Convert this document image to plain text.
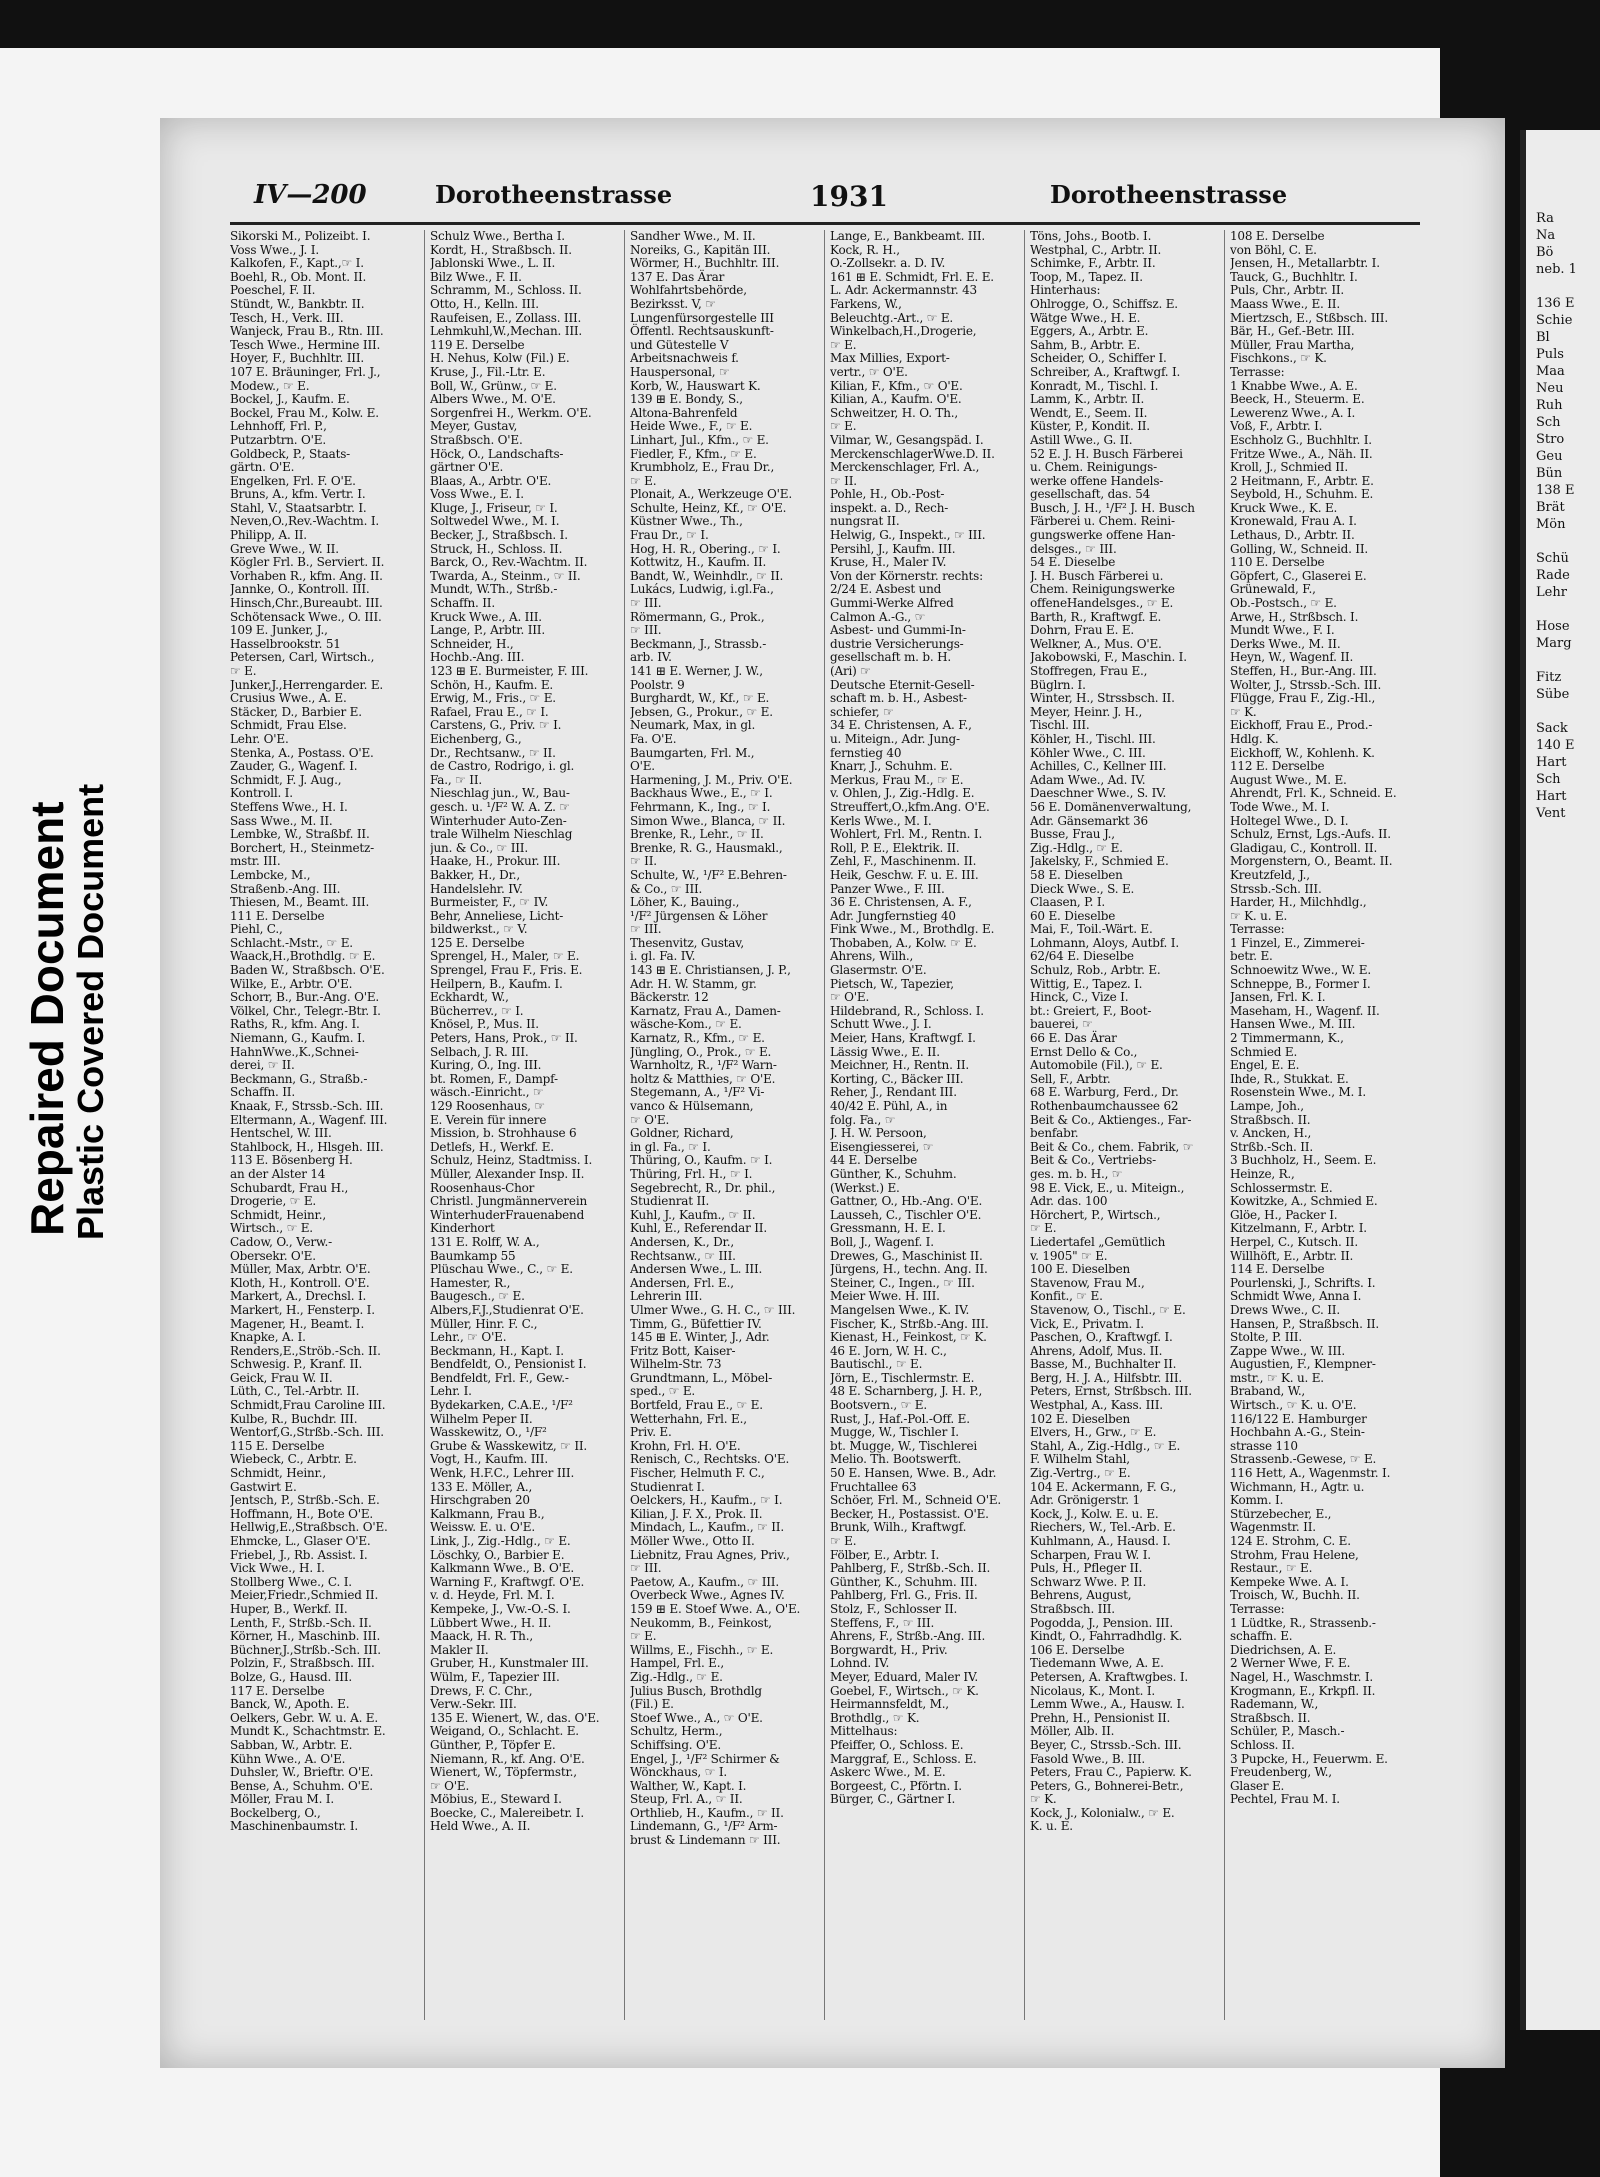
Repaired Document
Plastic Covered Document
Ra
Na
Bö
neb. 1

136 E
Schie
Bl
Puls
Maa
Neu
Ruh
Sch
Stro
Geu
Bün
138 E
Brät
Mön

Schü
Rade
Lehr

Hose
Marg

Fitz
Sübe

Sack
140 E
Hart
Sch
Hart
Vent
IV—200	Dorotheenstrasse	1931	Dorotheenstrasse
Sikorski M., Polizeibt. I.
Voss Wwe., J. I.
Kalkofen, F., Kapt.,☞ I.
Boehl, R., Ob. Mont. II.
Poeschel, F. II.
Stündt, W., Bankbtr. II.
Tesch, H., Verk. III.
Wanjeck, Frau B., Rtn. III.
Tesch Wwe., Hermine III.
Hoyer, F., Buchhltr. III.
107 E. Bräuninger, Frl. J.,
Modew., ☞ E.
Bockel, J., Kaufm. E.
Bockel, Frau M., Kolw. E.
Lehnhoff, Frl. P.,
Putzarbtrn. O'E.
Goldbeck, P., Staats-
gärtn. O'E.
Engelken, Frl. F. O'E.
Bruns, A., kfm. Vertr. I.
Stahl, V., Staatsarbtr. I.
Neven,O.,Rev.-Wachtm. I.
Philipp, A. II.
Greve Wwe., W. II.
Kögler Frl. B., Serviert. II.
Vorhaben R., kfm. Ang. II.
Jannke, O., Kontroll. III.
Hinsch,Chr.,Bureaubt. III.
Schötensack Wwe., O. III.
109 E. Junker, J.,
Hasselbrookstr. 51
Petersen, Carl, Wirtsch.,
☞ E.
Junker,J.,Herrengarder. E.
Crusius Wwe., A. E.
Stäcker, D., Barbier E.
Schmidt, Frau Else.
Lehr. O'E.
Stenka, A., Postass. O'E.
Zauder, G., Wagenf. I.
Schmidt, F. J. Aug.,
Kontroll. I.
Steffens Wwe., H. I.
Sass Wwe., M. II.
Lembke, W., Straßbf. II.
Borchert, H., Steinmetz-
mstr. III.
Lembcke, M.,
Straßenb.-Ang. III.
Thiesen, M., Beamt. III.
111 E. Derselbe
Piehl, C.,
Schlacht.-Mstr., ☞ E.
Waack,H.,Brothdlg. ☞ E.
Baden W., Straßbsch. O'E.
Wilke, E., Arbtr. O'E.
Schorr, B., Bur.-Ang. O'E.
Völkel, Chr., Telegr.-Btr. I.
Raths, R., kfm. Ang. I.
Niemann, G., Kaufm. I.
HahnWwe.,K.,Schnei-
derei, ☞ II.
Beckmann, G., Straßb.-
Schaffn. II.
Knaak, F., Strssb.-Sch. III.
Eltermann, A., Wagenf. III.
Hentschel, W. III.
Stahlbock, H., Hlsgeh. III.
113 E. Bösenberg H.
an der Alster 14
Schubardt, Frau H.,
Drogerie, ☞ E.
Schmidt, Heinr.,
Wirtsch., ☞ E.
Cadow, O., Verw.-
Obersekr. O'E.
Müller, Max, Arbtr. O'E.
Kloth, H., Kontroll. O'E.
Markert, A., Drechsl. I.
Markert, H., Fensterp. I.
Magener, H., Beamt. I.
Knapke, A. I.
Renders,E.,Ströb.-Sch. II.
Schwesig. P., Kranf. II.
Geick, Frau W. II.
Lüth, C., Tel.-Arbtr. II.
Schmidt,Frau Caroline III.
Kulbe, R., Buchdr. III.
Wentorf,G.,Strßb.-Sch. III.
115 E. Derselbe
Wiebeck, C., Arbtr. E.
Schmidt, Heinr.,
Gastwirt E.
Jentsch, P., Strßb.-Sch. E.
Hoffmann, H., Bote O'E.
Hellwig,E.,Straßbsch. O'E.
Ehmcke, L., Glaser O'E.
Friebel, J., Rb. Assist. I.
Vick Wwe., H. I.
Stollberg Wwe., C. I.
Meier,Friedr.,Schmied II.
Huper, B., Werkf. II.
Lenth, F., Strßb.-Sch. II.
Körner, H., Maschinb. III.
Büchner,J.,Strßb.-Sch. III.
Polzin, F., Straßbsch. III.
Bolze, G., Hausd. III.
117 E. Derselbe
Banck, W., Apoth. E.
Oelkers, Gebr. W. u. A. E.
Mundt K., Schachtmstr. E.
Sabban, W., Arbtr. E.
Kühn Wwe., A. O'E.
Duhsler, W., Brieftr. O'E.
Bense, A., Schuhm. O'E.
Möller, Frau M. I.
Bockelberg, O.,
Maschinenbaumstr. I.
Schulz Wwe., Bertha I.
Kordt, H., Straßbsch. II.
Jablonski Wwe., L. II.
Bilz Wwe., F. II.
Schramm, M., Schloss. II.
Otto, H., Kelln. III.
Raufeisen, E., Zollass. III.
Lehmkuhl,W.,Mechan. III.
119 E. Derselbe
H. Nehus, Kolw (Fil.) E.
Kruse, J., Fil.-Ltr. E.
Boll, W., Grünw., ☞ E.
Albers Wwe., M. O'E.
Sorgenfrei H., Werkm. O'E.
Meyer, Gustav,
Straßbsch. O'E.
Höck, O., Landschafts-
gärtner O'E.
Blaas, A., Arbtr. O'E.
Voss Wwe., E. I.
Kluge, J., Friseur, ☞ I.
Soltwedel Wwe., M. I.
Becker, J., Straßbsch. I.
Struck, H., Schloss. II.
Barck, O., Rev.-Wachtm. II.
Twarda, A., Steinm., ☞ II.
Mundt, W.Th., Strßb.-
Schaffn. II.
Kruck Wwe., A. III.
Lange, P., Arbtr. III.
Schneider, H.,
Hochb.-Ang. III.
123 ⊞ E. Burmeister, F. III.
Schön, H., Kaufm. E.
Erwig, M., Fris., ☞ E.
Rafael, Frau E., ☞ I.
Carstens, G., Priv. ☞ I.
Eichenberg, G.,
Dr., Rechtsanw., ☞ II.
de Castro, Rodrigo, i. gl.
Fa., ☞ II.
Nieschlag jun., W., Bau-
gesch. u. ¹/F² W. A. Z. ☞
Winterhuder Auto-Zen-
trale Wilhelm Nieschlag
jun. & Co., ☞ III.
Haake, H., Prokur. III.
Bakker, H., Dr.,
Handelslehr. IV.
Burmeister, F., ☞ IV.
Behr, Anneliese, Licht-
bildwerkst., ☞ V.
125 E. Derselbe
Sprengel, H., Maler, ☞ E.
Sprengel, Frau F., Fris. E.
Heilpern, B., Kaufm. I.
Eckhardt, W.,
Bücherrev., ☞ I.
Knösel, P., Mus. II.
Peters, Hans, Prok., ☞ II.
Selbach, J. R. III.
Kuring, O., Ing. III.
bt. Romen, F., Dampf-
wäsch.-Einricht., ☞
129 Roosenhaus, ☞
E. Verein für innere
Mission, b. Strohhause 6
Detlefs, H., Werkf. E.
Schulz, Heinz, Stadtmiss. I.
Müller, Alexander Insp. II.
Roosenhaus-Chor
Christl. Jungmännerverein
WinterhuderFrauenabend
Kinderhort
131 E. Rolff, W. A.,
Baumkamp 55
Plüschau Wwe., C., ☞ E.
Hamester, R.,
Baugesch., ☞ E.
Albers,F.J.,Studienrat O'E.
Müller, Hinr. F. C.,
Lehr., ☞ O'E.
Beckmann, H., Kapt. I.
Bendfeldt, O., Pensionist I.
Bendfeldt, Frl. F., Gew.-
Lehr. I.
Bydekarken, C.A.E., ¹/F²
Wilhelm Peper II.
Wasskewitz, O., ¹/F²
Grube & Wasskewitz, ☞ II.
Vogt, H., Kaufm. III.
Wenk, H.F.C., Lehrer III.
133 E. Möller, A.,
Hirschgraben 20
Kalkmann, Frau B.,
Weissw. E. u. O'E.
Link, J., Zig.-Hdlg., ☞ E.
Löschky, O., Barbier E.
Kalkmann Wwe., B. O'E.
Warning F., Kraftwgf. O'E.
v. d. Heyde, Frl. M. I.
Kempeke, J., Vw.-O.-S. I.
Lübbert Wwe., H. II.
Maack, H. R. Th.,
Makler II.
Gruber, H., Kunstmaler III.
Wülm, F., Tapezier III.
Drews, F. C. Chr.,
Verw.-Sekr. III.
135 E. Wienert, W., das. O'E.
Weigand, O., Schlacht. E.
Günther, P., Töpfer E.
Niemann, R., kf. Ang. O'E.
Wienert, W., Töpfermstr.,
☞ O'E.
Möbius, E., Steward I.
Boecke, C., Malereibetr. I.
Held Wwe., A. II.
Sandher Wwe., M. II.
Noreiks, G., Kapitän III.
Wörmer, H., Buchhltr. III.
137 E. Das Ärar
Wohlfahrtsbehörde,
Bezirksst. V, ☞
Lungenfürsorgestelle III
Öffentl. Rechtsauskunft-
und Gütestelle V
Arbeitsnachweis f.
Hauspersonal, ☞
Korb, W., Hauswart K.
139 ⊞ E. Bondy, S.,
Altona-Bahrenfeld
Heide Wwe., F., ☞ E.
Linhart, Jul., Kfm., ☞ E.
Fiedler, F., Kfm., ☞ E.
Krumbholz, E., Frau Dr.,
☞ E.
Plonait, A., Werkzeuge O'E.
Schulte, Heinz, Kf., ☞ O'E.
Küstner Wwe., Th.,
Frau Dr., ☞ I.
Hog, H. R., Obering., ☞ I.
Kottwitz, H., Kaufm. II.
Bandt, W., Weinhdlr., ☞ II.
Lukács, Ludwig, i.gl.Fa.,
☞ III.
Römermann, G., Prok.,
☞ III.
Beckmann, J., Strassb.-
arb. IV.
141 ⊞ E. Werner, J. W.,
Poolstr. 9
Burghardt, W., Kf., ☞ E.
Jebsen, G., Prokur., ☞ E.
Neumark, Max, in gl.
Fa. O'E.
Baumgarten, Frl. M.,
O'E.
Harmening, J. M., Priv. O'E.
Backhaus Wwe., E., ☞ I.
Fehrmann, K., Ing., ☞ I.
Simon Wwe., Blanca, ☞ II.
Brenke, R., Lehr., ☞ II.
Brenke, R. G., Hausmakl.,
☞ II.
Schulte, W., ¹/F² E.Behren-
& Co., ☞ III.
Löher, K., Bauing.,
¹/F² Jürgensen & Löher
☞ III.
Thesenvitz, Gustav,
i. gl. Fa. IV.
143 ⊞ E. Christiansen, J. P.,
Adr. H. W. Stamm, gr.
Bäckerstr. 12
Karnatz, Frau A., Damen-
wäsche-Kom., ☞ E.
Karnatz, R., Kfm., ☞ E.
Jüngling, O., Prok., ☞ E.
Warnholtz, R., ¹/F² Warn-
holtz & Matthies, ☞ O'E.
Stegemann, A., ¹/F² Vi-
vanco & Hülsemann,
☞ O'E.
Goldner, Richard,
in gl. Fa., ☞ I.
Thüring, O., Kaufm. ☞ I.
Thüring, Frl. H., ☞ I.
Segebrecht, R., Dr. phil.,
Studienrat II.
Kuhl, J., Kaufm., ☞ II.
Kuhl, E., Referendar II.
Andersen, K., Dr.,
Rechtsanw., ☞ III.
Andersen Wwe., L. III.
Andersen, Frl. E.,
Lehrerin III.
Ulmer Wwe., G. H. C., ☞ III.
Timm, G., Büfettier IV.
145 ⊞ E. Winter, J., Adr.
Fritz Bott, Kaiser-
Wilhelm-Str. 73
Grundtmann, L., Möbel-
sped., ☞ E.
Bortfeld, Frau E., ☞ E.
Wetterhahn, Frl. E.,
Priv. E.
Krohn, Frl. H. O'E.
Renisch, C., Rechtsks. O'E.
Fischer, Helmuth F. C.,
Studienrat I.
Oelckers, H., Kaufm., ☞ I.
Kilian, J. F. X., Prok. II.
Mindach, L., Kaufm., ☞ II.
Möller Wwe., Otto II.
Liebnitz, Frau Agnes, Priv.,
☞ III.
Paetow, A., Kaufm., ☞ III.
Overbeck Wwe., Agnes IV.
159 ⊞ E. Stoef Wwe. A., O'E.
Neukomm, B., Feinkost,
☞ E.
Willms, E., Fischh., ☞ E.
Hampel, Frl. E.,
Zig.-Hdlg., ☞ E.
Julius Busch, Brothdlg
(Fil.) E.
Stoef Wwe., A., ☞ O'E.
Schultz, Herm.,
Schiffsing. O'E.
Engel, J., ¹/F² Schirmer &
Wönckhaus, ☞ I.
Walther, W., Kapt. I.
Steup, Frl. A., ☞ II.
Orthlieb, H., Kaufm., ☞ II.
Lindemann, G., ¹/F² Arm-
brust & Lindemann ☞ III.
Lange, E., Bankbeamt. III.
Kock, R. H.,
O.-Zollsekr. a. D. IV.
161 ⊞ E. Schmidt, Frl. E. E.
L. Adr. Ackermannstr. 43
Farkens, W.,
Beleuchtg.-Art., ☞ E.
Winkelbach,H.,Drogerie,
☞ E.
Max Millies, Export-
vertr., ☞ O'E.
Kilian, F., Kfm., ☞ O'E.
Kilian, A., Kaufm. O'E.
Schweitzer, H. O. Th.,
☞ E.
Vilmar, W., Gesangspäd. I.
MerckenschlagerWwe.D. II.
Merckenschlager, Frl. A.,
☞ II.
Pohle, H., Ob.-Post-
inspekt. a. D., Rech-
nungsrat II.
Helwig, G., Inspekt., ☞ III.
Persihl, J., Kaufm. III.
Kruse, H., Maler IV.
Von der Körnerstr. rechts:
2/24 E. Asbest und
Gummi-Werke Alfred
Calmon A.-G., ☞
Asbest- und Gummi-In-
dustrie Versicherungs-
gesellschaft m. b. H.
(Ari) ☞
Deutsche Eternit-Gesell-
schaft m. b. H., Asbest-
schiefer, ☞
34 E. Christensen, A. F.,
u. Miteign., Adr. Jung-
fernstieg 40
Knarr, J., Schuhm. E.
Merkus, Frau M., ☞ E.
v. Ohlen, J., Zig.-Hdlg. E.
Streuffert,O.,kfm.Ang. O'E.
Kerls Wwe., M. I.
Wohlert, Frl. M., Rentn. I.
Roll, P. E., Elektrik. II.
Zehl, F., Maschinenm. II.
Heik, Geschw. F. u. E. III.
Panzer Wwe., F. III.
36 E. Christensen, A. F.,
Adr. Jungfernstieg 40
Fink Wwe., M., Brothdlg. E.
Thobaben, A., Kolw. ☞ E.
Ahrens, Wilh.,
Glasermstr. O'E.
Pietsch, W., Tapezier,
☞ O'E.
Hildebrand, R., Schloss. I.
Schutt Wwe., J. I.
Meier, Hans, Kraftwgf. I.
Lässig Wwe., E. II.
Meichner, H., Rentn. II.
Korting, C., Bäcker III.
Reher, J., Rendant III.
40/42 E. Pühl, A., in
folg. Fa., ☞
J. H. W. Persoon,
Eisengiesserei, ☞
44 E. Derselbe
Günther, K., Schuhm.
(Werkst.) E.
Gattner, O., Hb.-Ang. O'E.
Lausseh, C., Tischler O'E.
Gressmann, H. E. I.
Boll, J., Wagenf. I.
Drewes, G., Maschinist II.
Jürgens, H., techn. Ang. II.
Steiner, C., Ingen., ☞ III.
Meier Wwe. H. III.
Mangelsen Wwe., K. IV.
Fischer, K., Strßb.-Ang. III.
Kienast, H., Feinkost, ☞ K.
46 E. Jorn, W. H. C.,
Bautischl., ☞ E.
Jörn, E., Tischlermstr. E.
48 E. Scharnberg, J. H. P.,
Bootsvern., ☞ E.
Rust, J., Haf.-Pol.-Off. E.
Mugge, W., Tischler I.
bt. Mugge, W., Tischlerei
Melio. Th. Bootswerft.
50 E. Hansen, Wwe. B., Adr.
Fruchtallee 63
Schöer, Frl. M., Schneid O'E.
Becker, H., Postassist. O'E.
Brunk, Wilh., Kraftwgf.
☞ E.
Fölber, E., Arbtr. I.
Pahlberg, F., Strßb.-Sch. II.
Günther, K., Schuhm. III.
Pahlberg, Frl. G., Fris. II.
Stolz, F., Schlosser II.
Steffens, F., ☞ III.
Ahrens, F., Strßb.-Ang. III.
Borgwardt, H., Priv.
Lohnd. IV.
Meyer, Eduard, Maler IV.
Goebel, F., Wirtsch., ☞ K.
Heirmannsfeldt, M.,
Brothdlg., ☞ K.
Mittelhaus:
Pfeiffer, O., Schloss. E.
Marggraf, E., Schloss. E.
Askerc Wwe., M. E.
Borgeest, C., Pförtn. I.
Bürger, C., Gärtner I.
Töns, Johs., Bootb. I.
Westphal, C., Arbtr. II.
Schimke, F., Arbtr. II.
Toop, M., Tapez. II.
Hinterhaus:
Ohlrogge, O., Schiffsz. E.
Wätge Wwe., H. E.
Eggers, A., Arbtr. E.
Sahm, B., Arbtr. E.
Scheider, O., Schiffer I.
Schreiber, A., Kraftwgf. I.
Konradt, M., Tischl. I.
Lamm, K., Arbtr. II.
Wendt, E., Seem. II.
Küster, P., Kondit. II.
Astill Wwe., G. II.
52 E. J. H. Busch Färberei
u. Chem. Reinigungs-
werke offene Handels-
gesellschaft, das. 54
Busch, J. H., ¹/F² J. H. Busch
Färberei u. Chem. Reini-
gungswerke offene Han-
delsges., ☞ III.
54 E. Dieselbe
J. H. Busch Färberei u.
Chem. Reinigungswerke
offeneHandelsges., ☞ E.
Barth, R., Kraftwgf. E.
Dohrn, Frau E. E.
Welkner, A., Mus. O'E.
Jakobowski, F., Maschin. I.
Stoffregen, Frau E.,
Büglrn. I.
Winter, H., Strssbsch. II.
Meyer, Heinr. J. H.,
Tischl. III.
Köhler, H., Tischl. III.
Köhler Wwe., C. III.
Achilles, C., Kellner III.
Adam Wwe., Ad. IV.
Daeschner Wwe., S. IV.
56 E. Domänenverwaltung,
Adr. Gänsemarkt 36
Busse, Frau J.,
Zig.-Hdlg., ☞ E.
Jakelsky, F., Schmied E.
58 E. Dieselben
Dieck Wwe., S. E.
Claasen, P. I.
60 E. Dieselbe
Mai, F., Toil.-Wärt. E.
Lohmann, Aloys, Autbf. I.
62/64 E. Dieselbe
Schulz, Rob., Arbtr. E.
Wittig, E., Tapez. I.
Hinck, C., Vize I.
bt.: Greiert, F., Boot-
bauerei, ☞
66 E. Das Ärar
Ernst Dello & Co.,
Automobile (Fil.), ☞ E.
Sell, F., Arbtr.
68 E. Warburg, Ferd., Dr.
Rothenbaumchaussee 62
Beit & Co., Aktienges., Far-
benfabr.
Beit & Co., chem. Fabrik, ☞
Beit & Co., Vertriebs-
ges. m. b. H., ☞
98 E. Vick, E., u. Miteign.,
Adr. das. 100
Hörchert, P., Wirtsch.,
☞ E.
Liedertafel „Gemütlich
v. 1905" ☞ E.
100 E. Dieselben
Stavenow, Frau M.,
Konfit., ☞ E.
Stavenow, O., Tischl., ☞ E.
Vick, E., Privatm. I.
Paschen, O., Kraftwgf. I.
Ahrens, Adolf, Mus. II.
Basse, M., Buchhalter II.
Berg, H. J. A., Hilfsbtr. III.
Peters, Ernst, Strßbsch. III.
Westphal, A., Kass. III.
102 E. Dieselben
Elvers, H., Grw., ☞ E.
Stahl, A., Zig.-Hdlg., ☞ E.
F. Wilhelm Stahl,
Zig.-Vertrg., ☞ E.
104 E. Ackermann, F. G.,
Adr. Grönigerstr. 1
Kock, J., Kolw. E. u. E.
Riechers, W., Tel.-Arb. E.
Kuhlmann, A., Hausd. I.
Scharpen, Frau W. I.
Puls, H., Pfleger II.
Schwarz Wwe. P. II.
Behrens, August,
Straßbsch. III.
Pogodda, J., Pension. III.
Kindt, O., Fahrradhdlg. K.
106 E. Derselbe
Tiedemann Wwe, A. E.
Petersen, A. Kraftwgbes. I.
Nicolaus, K., Mont. I.
Lemm Wwe., A., Hausw. I.
Prehn, H., Pensionist II.
Möller, Alb. II.
Beyer, C., Strssb.-Sch. III.
Fasold Wwe., B. III.
Peters, Frau C., Papierw. K.
Peters, G., Bohnerei-Betr.,
☞ K.
Kock, J., Kolonialw., ☞ E.
K. u. E.
108 E. Derselbe
von Böhl, C. E.
Jensen, H., Metallarbtr. I.
Tauck, G., Buchhltr. I.
Puls, Chr., Arbtr. II.
Maass Wwe., E. II.
Miertzsch, E., Stßbsch. III.
Bär, H., Gef.-Betr. III.
Müller, Frau Martha,
Fischkons., ☞ K.
Terrasse:
1 Knabbe Wwe., A. E.
Beeck, H., Steuerm. E.
Lewerenz Wwe., A. I.
Voß, F., Arbtr. I.
Eschholz G., Buchhltr. I.
Fritze Wwe., A., Näh. II.
Kroll, J., Schmied II.
2 Heitmann, F., Arbtr. E.
Seybold, H., Schuhm. E.
Kruck Wwe., K. E.
Kronewald, Frau A. I.
Lethaus, D., Arbtr. II.
Golling, W., Schneid. II.
110 E. Derselbe
Göpfert, C., Glaserei E.
Grünewald, F.,
Ob.-Postsch., ☞ E.
Arwe, H., Strßbsch. I.
Mundt Wwe., F. I.
Derks Wwe., M. II.
Heyn, W., Wagenf. II.
Steffen, H., Bur.-Ang. III.
Wolter, J., Strssb.-Sch. III.
Flügge, Frau F., Zig.-Hl.,
☞ K.
Eickhoff, Frau E., Prod.-
Hdlg. K.
Eickhoff, W., Kohlenh. K.
112 E. Derselbe
August Wwe., M. E.
Ahrendt, Frl. K., Schneid. E.
Tode Wwe., M. I.
Holtegel Wwe., D. I.
Schulz, Ernst, Lgs.-Aufs. II.
Gladigau, C., Kontroll. II.
Morgenstern, O., Beamt. II.
Kreutzfeld, J.,
Strssb.-Sch. III.
Harder, H., Milchhdlg.,
☞ K. u. E.
Terrasse:
1 Finzel, E., Zimmerei-
betr. E.
Schnoewitz Wwe., W. E.
Schneppe, B., Former I.
Jansen, Frl. K. I.
Maseham, H., Wagenf. II.
Hansen Wwe., M. III.
2 Timmermann, K.,
Schmied E.
Engel, E. E.
Ihde, R., Stukkat. E.
Rosenstein Wwe., M. I.
Lampe, Joh.,
Straßbsch. II.
v. Ancken, H.,
Strßb.-Sch. II.
3 Buchholz, H., Seem. E.
Heinze, R.,
Schlossermstr. E.
Kowitzke, A., Schmied E.
Glöe, H., Packer I.
Kitzelmann, F., Arbtr. I.
Herpel, C., Kutsch. II.
Willhöft, E., Arbtr. II.
114 E. Derselbe
Pourlenski, J., Schrifts. I.
Schmidt Wwe, Anna I.
Drews Wwe., C. II.
Hansen, P., Straßbsch. II.
Stolte, P. III.
Zappe Wwe., W. III.
Augustien, F., Klempner-
mstr., ☞ K. u. E.
Braband, W.,
Wirtsch., ☞ K. u. O'E.
116/122 E. Hamburger
Hochbahn A.-G., Stein-
strasse 110
Strassenb.-Gewese, ☞ E.
116 Hett, A., Wagenmstr. I.
Wichmann, H., Agtr. u.
Komm. I.
Stürzebecher, E.,
Wagenmstr. II.
124 E. Strohm, C. E.
Strohm, Frau Helene,
Restaur., ☞ E.
Kempeke Wwe. A. I.
Troisch, W., Buchh. II.
Terrasse:
1 Lüdtke, R., Strassenb.-
schaffn. E.
Diedrichsen, A. E.
2 Werner Wwe, F. E.
Nagel, H., Waschmstr. I.
Krogmann, E., Krkpfl. II.
Rademann, W.,
Straßbsch. II.
Schüler, P., Masch.-
Schloss. II.
3 Pupcke, H., Feuerwm. E.
Freudenberg, W.,
Glaser E.
Pechtel, Frau M. I.
